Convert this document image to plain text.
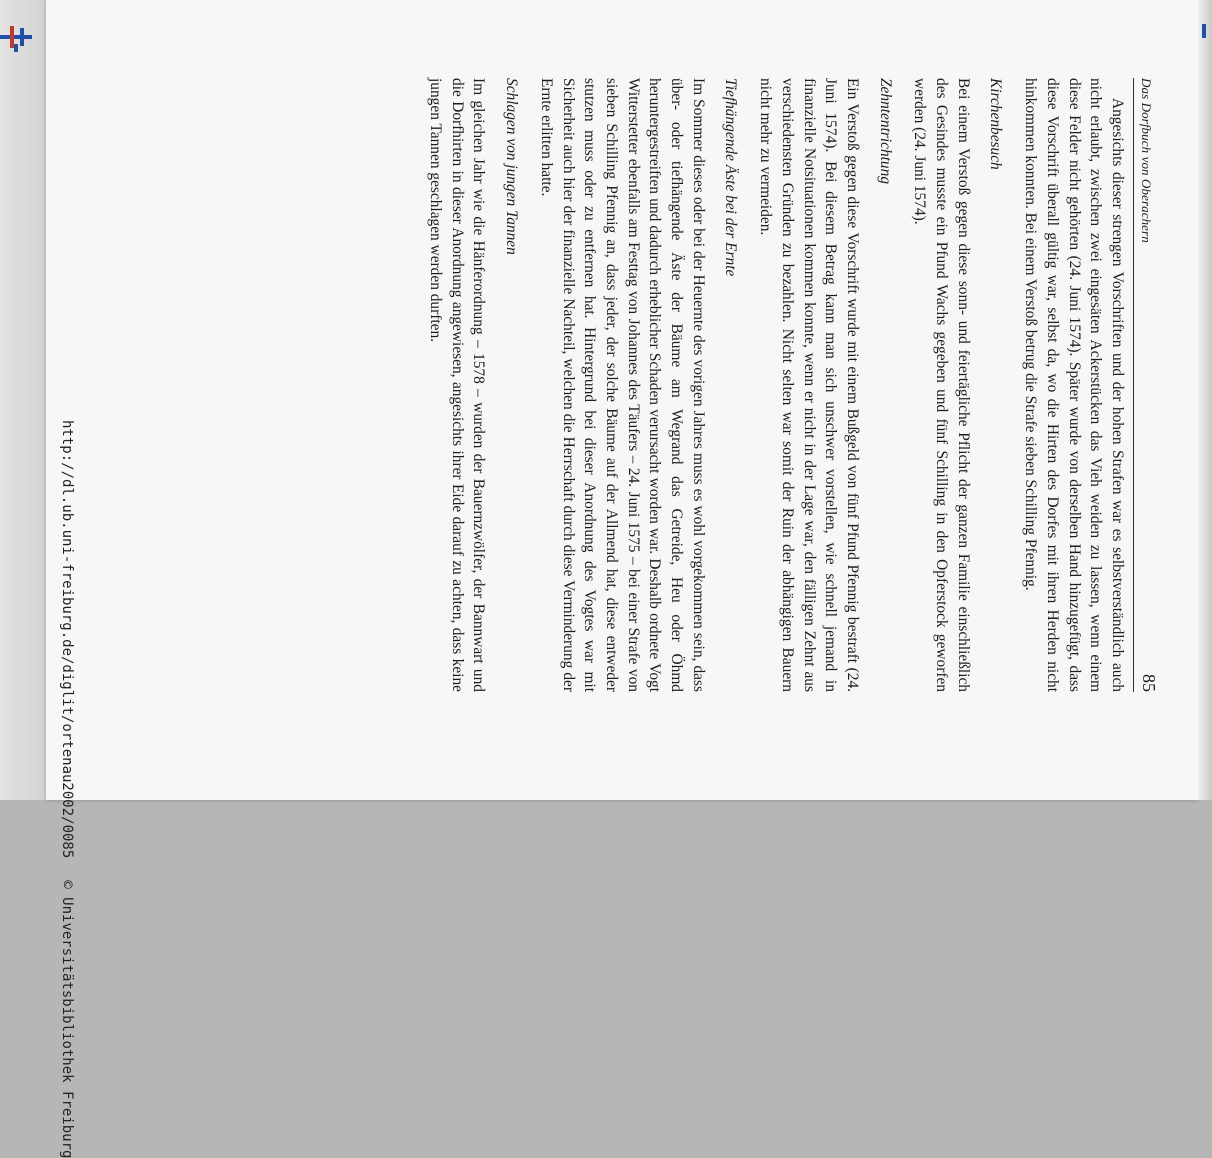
Das Dorfbuch von Oberachern
85

Angesichts dieser strengen Vorschriften und der hohen Strafen war es selbstverständlich auch nicht erlaubt, zwischen zwei eingesäten Ackerstücken das Vieh weiden zu lassen, wenn einem diese Felder nicht gehörten (24. Juni 1574). Später wurde von derselben Hand hinzugefügt, dass diese Vorschrift überall gültig war, selbst da, wo die Hirten des Dorfes mit ihren Herden nicht hinkommen konnten. Bei einem Verstoß betrug die Strafe sieben Schilling Pfennig.

Kirchenbesuch

Bei einem Verstoß gegen diese sonn- und feiertägliche Pflicht der ganzen Familie einschließlich des Gesindes musste ein Pfund Wachs gegeben und fünf Schilling in den Opferstock geworfen werden (24. Juni 1574).

Zehntentrichtung

Ein Verstoß gegen diese Vorschrift wurde mit einem Bußgeld von fünf Pfund Pfennig bestraft (24. Juni 1574). Bei diesem Betrag kann man sich unschwer vorstellen, wie schnell jemand in finanzielle Notsituationen kommen konnte, wenn er nicht in der Lage war, den fälligen Zehnt aus verschiedensten Gründen zu bezahlen. Nicht selten war somit der Ruin der abhängigen Bauern nicht mehr zu vermeiden.

Tiefhängende Äste bei der Ernte

Im Sommer dieses oder bei der Heuernte des vorigen Jahres muss es wohl vorgekommen sein, dass über- oder tiefhängende Äste der Bäume am Wegrand das Getreide, Heu oder Öhmd heruntergestreiften und dadurch erheblicher Schaden verursacht worden war. Deshalb ordnete Vogt Witterstetter ebenfalls am Festtag von Johannes des Täufers – 24. Juni 1575 – bei einer Strafe von sieben Schilling Pfennig an, dass jeder, der solche Bäume auf der Allmend hat, diese entweder stutzen muss oder zu entfernen hat. Hintergrund bei dieser Anordnung des Vogtes war mit Sicherheit auch hier der finanzielle Nachteil, welchen die Herrschaft durch diese Verminderung der Ernte erlitten hatte.

Schlagen von jungen Tannen

Im gleichen Jahr wie die Hänferordnung – 1578 – wurden der Bauernzwölfer, der Bannwart und die Dorfhirten in dieser Anordnung angewiesen, angesichts ihrer Eide darauf zu achten, dass keine jungen Tannen geschlagen werden durften.

http://dl.ub.uni-freiburg.de/diglit/ortenau2002/0085© Universitätsbibliothek Freiburg
